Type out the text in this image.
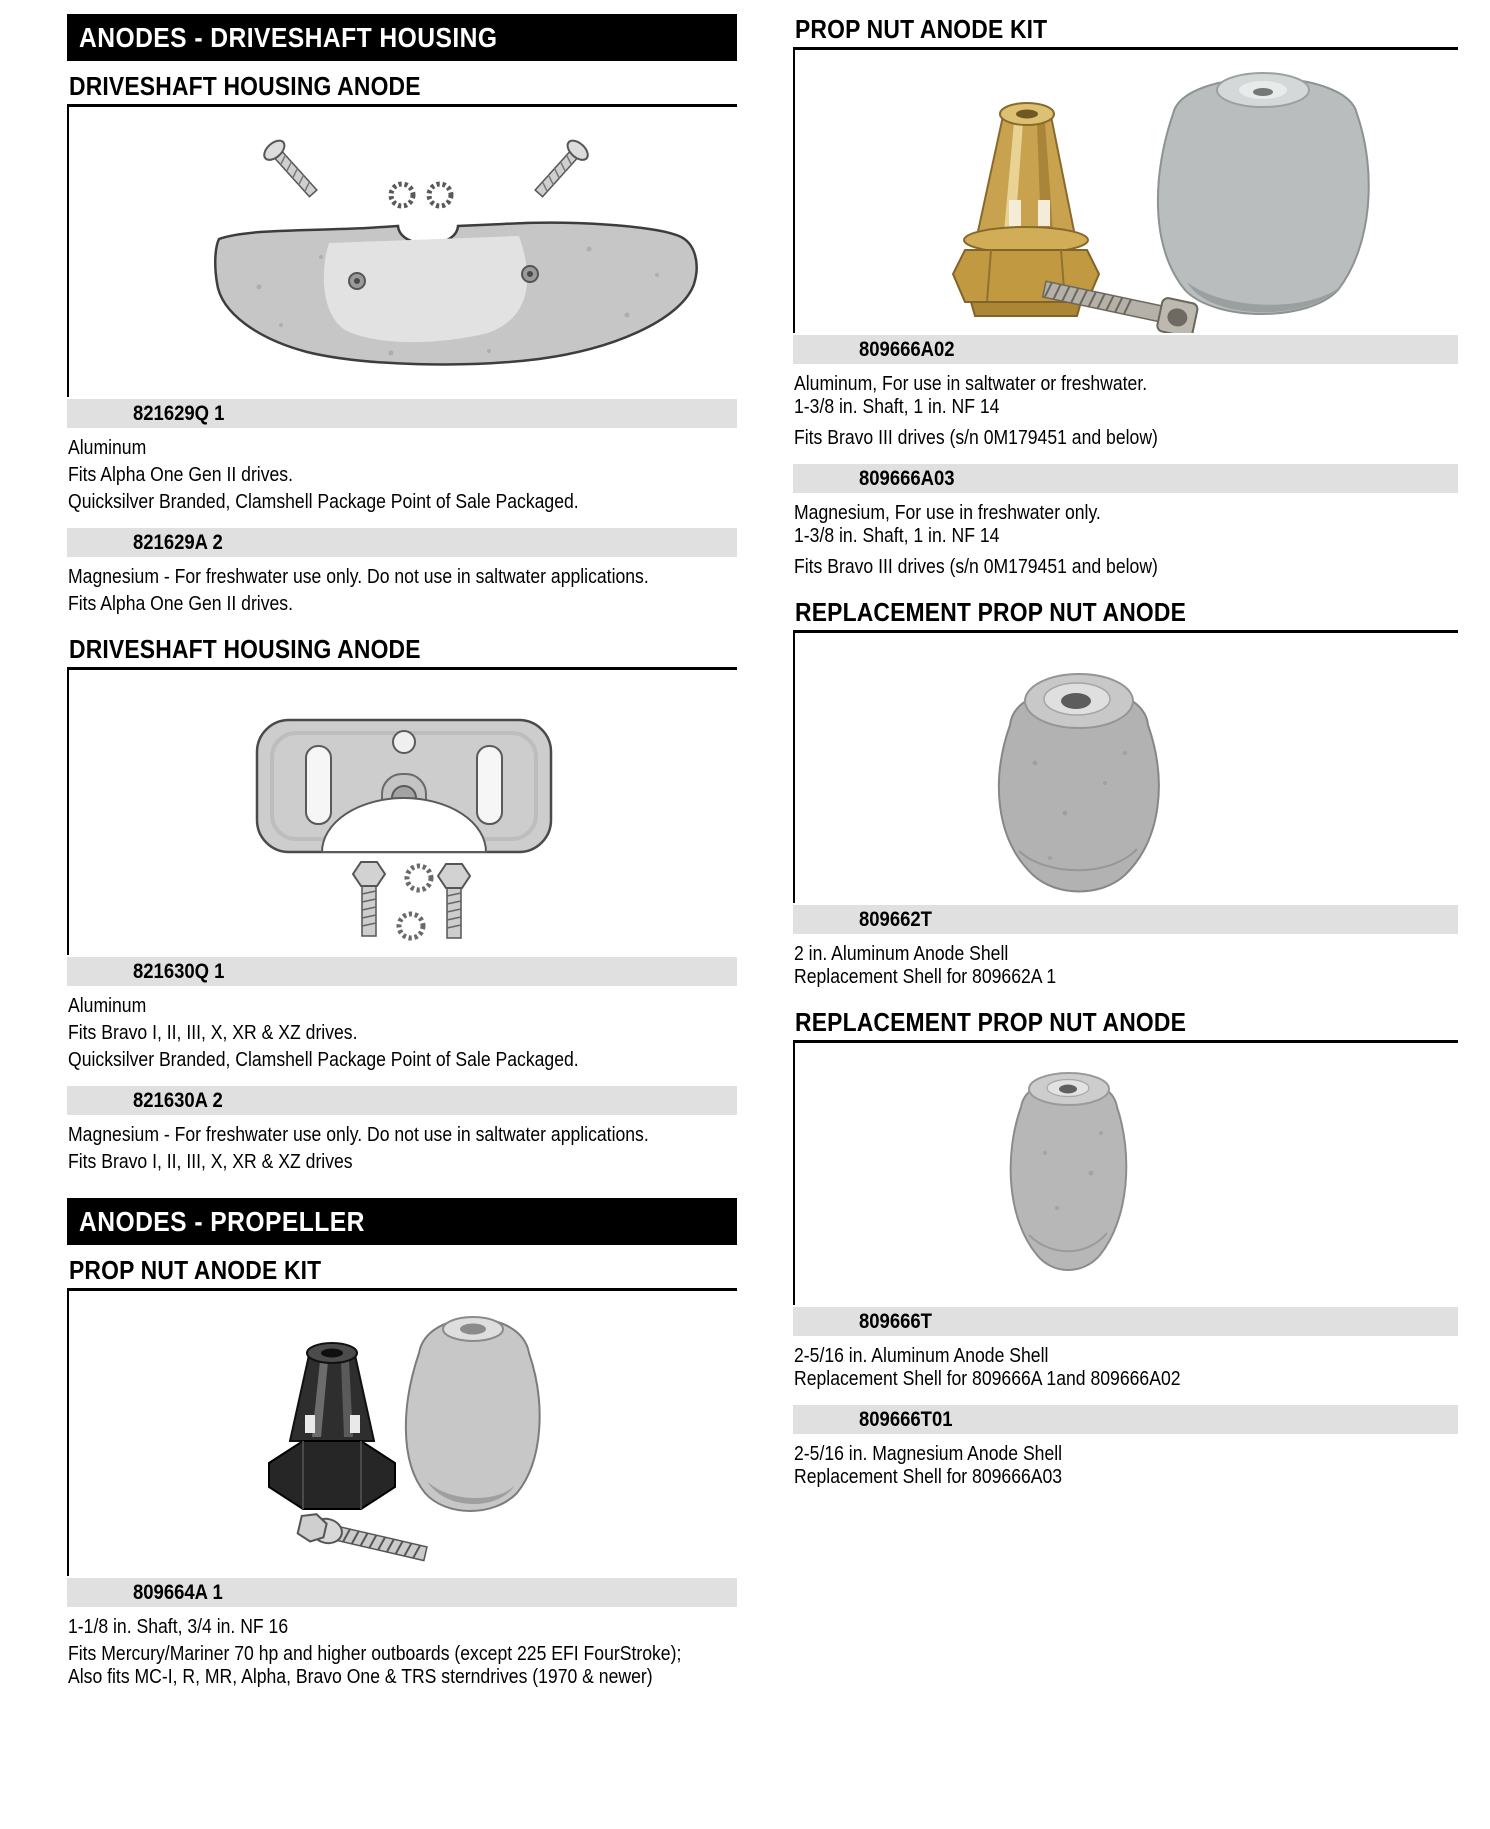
ANODES - DRIVESHAFT HOUSING
DRIVESHAFT HOUSING ANODE
821629Q 1
Aluminum
Fits Alpha One Gen II drives.
Quicksilver Branded, Clamshell Package Point of Sale Packaged.
821629A 2
Magnesium - For freshwater use only. Do not use in saltwater applications.
Fits Alpha One Gen II drives.
DRIVESHAFT HOUSING ANODE
821630Q 1
Aluminum
Fits Bravo I, II, III, X, XR & XZ drives.
Quicksilver Branded, Clamshell Package Point of Sale Packaged.
821630A 2
Magnesium - For freshwater use only. Do not use in saltwater applications.
Fits Bravo I, II, III, X, XR & XZ drives
ANODES - PROPELLER
PROP NUT ANODE KIT
809664A 1
1-1/8 in. Shaft, 3/4 in. NF 16
Fits Mercury/Mariner 70 hp and higher outboards (except 225 EFI FourStroke);
Also fits MC-I, R, MR, Alpha, Bravo One & TRS sterndrives (1970 & newer)
PROP NUT ANODE KIT
809666A02
Aluminum, For use in saltwater or freshwater.
1-3/8 in. Shaft, 1 in. NF 14
Fits Bravo III drives (s/n 0M179451 and below)
809666A03
Magnesium, For use in freshwater only.
1-3/8 in. Shaft, 1 in. NF 14
Fits Bravo III drives (s/n 0M179451 and below)
REPLACEMENT PROP NUT ANODE
809662T
2 in. Aluminum Anode Shell
Replacement Shell for 809662A 1
REPLACEMENT PROP NUT ANODE
809666T
2-5/16 in. Aluminum Anode Shell
Replacement Shell for 809666A 1and 809666A02
809666T01
2-5/16 in. Magnesium Anode Shell
Replacement Shell for 809666A03
